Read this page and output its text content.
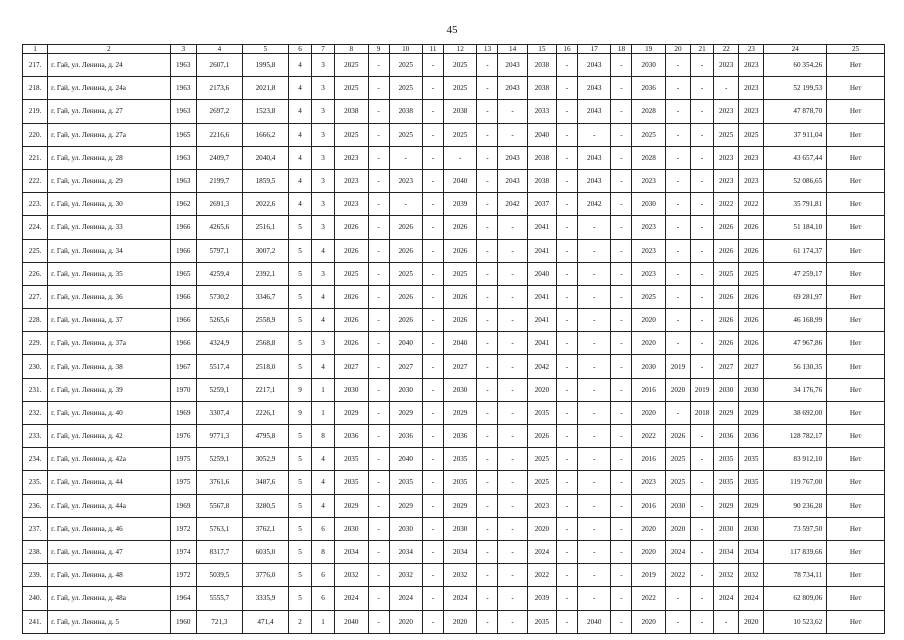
45
1	2	3	4	5	6	7	8	9	10	11	12	13	14	15	16	17	18	19	20	21	22	23	24	25
217.	г. Гай, ул. Ленина, д. 24	1963	2607,1	1995,8	4	3	2025	-	2025	-	2025	-	2043	2038	-	2043	-	2030	-	-	2023	2023	60 354,26	Нет
218.	г. Гай, ул. Ленина, д. 24а	1963	2173,6	2021,8	4	3	2025	-	2025	-	2025	-	2043	2038	-	2043	-	2036	-	-	-	2023	52 199,53	Нет
219.	г. Гай, ул. Ленина, д. 27	1963	2697,2	1523,8	4	3	2038	-	2038	-	2038	-	-	2033	-	2043	-	2028	-	-	2023	2023	47 878,70	Нет
220.	г. Гай, ул. Ленина, д. 27а	1965	2216,6	1666,2	4	3	2025	-	2025	-	2025	-	-	2040	-	-	-	2025	-	-	2025	2025	37 911,04	Нет
221.	г. Гай, ул. Ленина, д. 28	1963	2409,7	2040,4	4	3	2023	-	-	-	-	-	2043	2038	-	2043	-	2028	-	-	2023	2023	43 657,44	Нет
222.	г. Гай, ул. Ленина, д. 29	1963	2199,7	1859,5	4	3	2023	-	2023	-	2040	-	2043	2038	-	2043	-	2023	-	-	2023	2023	52 086,65	Нет
223.	г. Гай, ул. Ленина, д. 30	1962	2691,3	2022,6	4	3	2023	-	-	-	2039	-	2042	2037	-	2042	-	2030	-	-	2022	2022	35 791,81	Нет
224.	г. Гай, ул. Ленина, д. 33	1966	4265,6	2516,1	5	3	2026	-	2026	-	2026	-	-	2041	-	-	-	2023	-	-	2026	2026	51 184,10	Нет
225.	г. Гай, ул. Ленина, д. 34	1966	5797,1	3007,2	5	4	2026	-	2026	-	2026	-	-	2041	-	-	-	2023	-	-	2026	2026	61 174,37	Нет
226.	г. Гай, ул. Ленина, д. 35	1965	4259,4	2392,1	5	3	2025	-	2025	-	2025	-	-	2040	-	-	-	2023	-	-	2025	2025	47 259,17	Нет
227.	г. Гай, ул. Ленина, д. 36	1966	5730,2	3346,7	5	4	2026	-	2026	-	2026	-	-	2041	-	-	-	2025	-	-	2026	2026	69 281,97	Нет
228.	г. Гай, ул. Ленина, д. 37	1966	5265,6	2558,9	5	4	2026	-	2026	-	2026	-	-	2041	-	-	-	2020	-	-	2026	2026	46 168,99	Нет
229.	г. Гай, ул. Ленина, д. 37а	1966	4324,9	2568,8	5	3	2026	-	2040	-	2040	-	-	2041	-	-	-	2020	-	-	2026	2026	47 967,86	Нет
230.	г. Гай, ул. Ленина, д. 38	1967	5517,4	2518,0	5	4	2027	-	2027	-	2027	-	-	2042	-	-	-	2030	2019	-	2027	2027	56 130,35	Нет
231.	г. Гай, ул. Ленина, д. 39	1970	5259,1	2217,1	9	1	2030	-	2030	-	2030	-	-	2020	-	-	-	2016	2020	2019	2030	2030	34 176,76	Нет
232.	г. Гай, ул. Ленина, д. 40	1969	3307,4	2226,1	9	1	2029	-	2029	-	2029	-	-	2035	-	-	-	2020	-	2018	2029	2029	38 692,00	Нет
233.	г. Гай, ул. Ленина, д. 42	1976	9771,3	4795,8	5	8	2036	-	2036	-	2036	-	-	2026	-	-	-	2022	2026	-	2036	2036	128 782,17	Нет
234.	г. Гай, ул. Ленина, д. 42а	1975	5259,1	3052,9	5	4	2035	-	2040	-	2035	-	-	2025	-	-	-	2016	2025	-	2035	2035	83 912,10	Нет
235.	г. Гай, ул. Ленина, д. 44	1975	3761,6	3487,6	5	4	2035	-	2035	-	2035	-	-	2025	-	-	-	2023	2025	-	2035	2035	119 767,00	Нет
236.	г. Гай, ул. Ленина, д. 44а	1969	5567,8	3280,5	5	4	2029	-	2029	-	2029	-	-	2023	-	-	-	2016	2030	-	2029	2029	90 236,28	Нет
237.	г. Гай, ул. Ленина, д. 46	1972	5763,1	3762,1	5	6	2030	-	2030	-	2030	-	-	2020	-	-	-	2020	2020	-	2030	2030	73 597,50	Нет
238.	г. Гай, ул. Ленина, д. 47	1974	8317,7	6035,0	5	8	2034	-	2034	-	2034	-	-	2024	-	-	-	2020	2024	-	2034	2034	117 839,66	Нет
239.	г. Гай, ул. Ленина, д. 48	1972	5039,5	3776,0	5	6	2032	-	2032	-	2032	-	-	2022	-	-	-	2019	2022	-	2032	2032	78 734,11	Нет
240.	г. Гай, ул. Ленина, д. 48а	1964	5555,7	3335,9	5	6	2024	-	2024	-	2024	-	-	2039	-	-	-	2022	-	-	2024	2024	62 809,06	Нет
241.	г. Гай, ул. Ленина, д. 5	1960	721,3	471,4	2	1	2040	-	2020	-	2020	-	-	2035	-	2040	-	2020	-	-	-	2020	10 523,62	Нет
